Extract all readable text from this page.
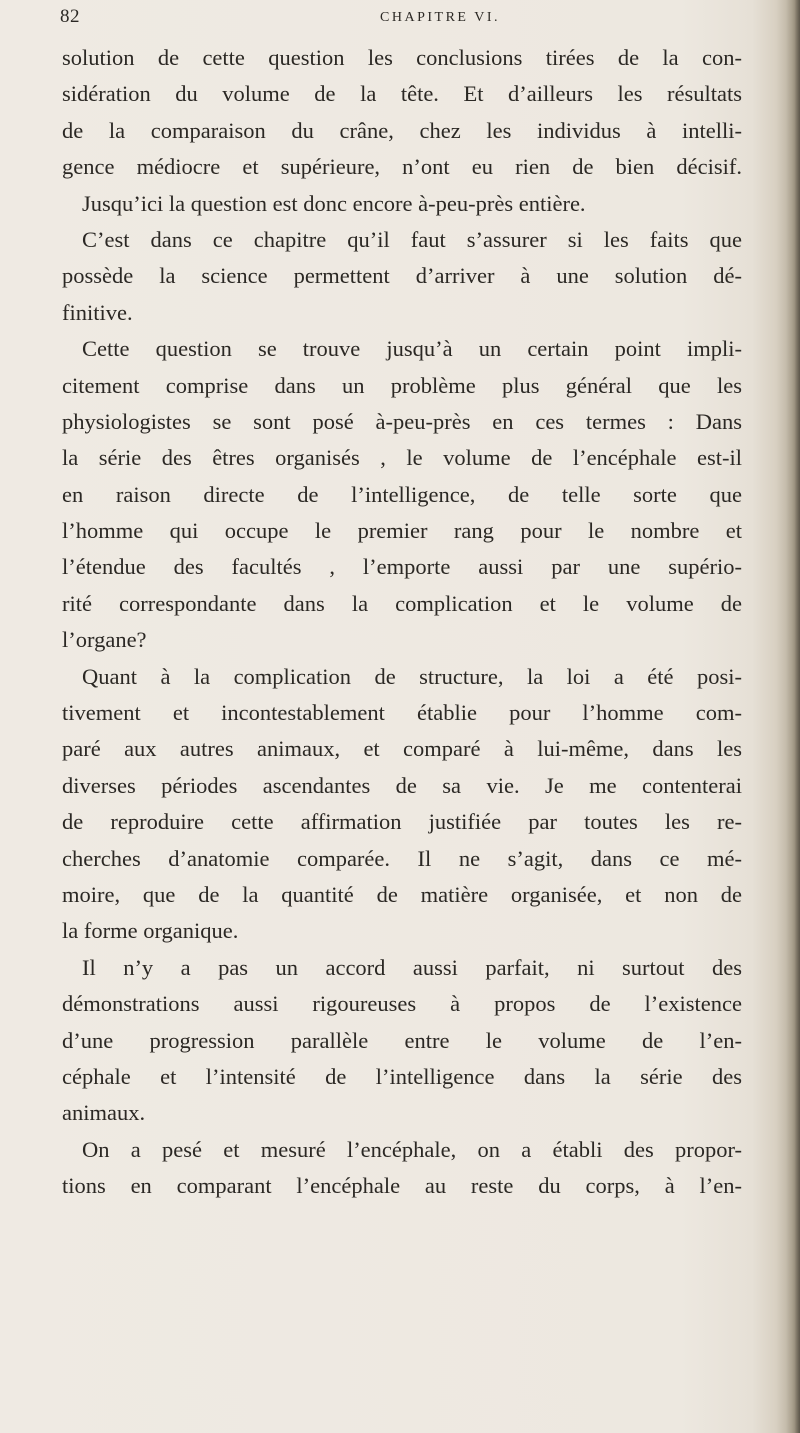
82	CHAPITRE VI.
solution de cette question les conclusions tirées de la con-
sidération du volume de la tête. Et d’ailleurs les résultats
de la comparaison du crâne, chez les individus à intelli-
gence médiocre et supérieure, n’ont eu rien de bien décisif.
Jusqu’ici la question est donc encore à-peu-près entière.
C’est dans ce chapitre qu’il faut s’assurer si les faits que
possède la science permettent d’arriver à une solution dé-
finitive.
Cette question se trouve jusqu’à un certain point impli-
citement comprise dans un problème plus général que les
physiologistes se sont posé à-peu-près en ces termes : Dans
la série des êtres organisés , le volume de l’encéphale est-il
en raison directe de l’intelligence, de telle sorte que
l’homme qui occupe le premier rang pour le nombre et
l’étendue des facultés , l’emporte aussi par une supério-
rité correspondante dans la complication et le volume de
l’organe?
Quant à la complication de structure, la loi a été posi-
tivement et incontestablement établie pour l’homme com-
paré aux autres animaux, et comparé à lui-même, dans les
diverses périodes ascendantes de sa vie. Je me contenterai
de reproduire cette affirmation justifiée par toutes les re-
cherches d’anatomie comparée. Il ne s’agit, dans ce mé-
moire, que de la quantité de matière organisée, et non de
la forme organique.
Il n’y a pas un accord aussi parfait, ni surtout des
démonstrations aussi rigoureuses à propos de l’existence
d’une progression parallèle entre le volume de l’en-
céphale et l’intensité de l’intelligence dans la série des
animaux.
On a pesé et mesuré l’encéphale, on a établi des propor-
tions en comparant l’encéphale au reste du corps, à l’en-
